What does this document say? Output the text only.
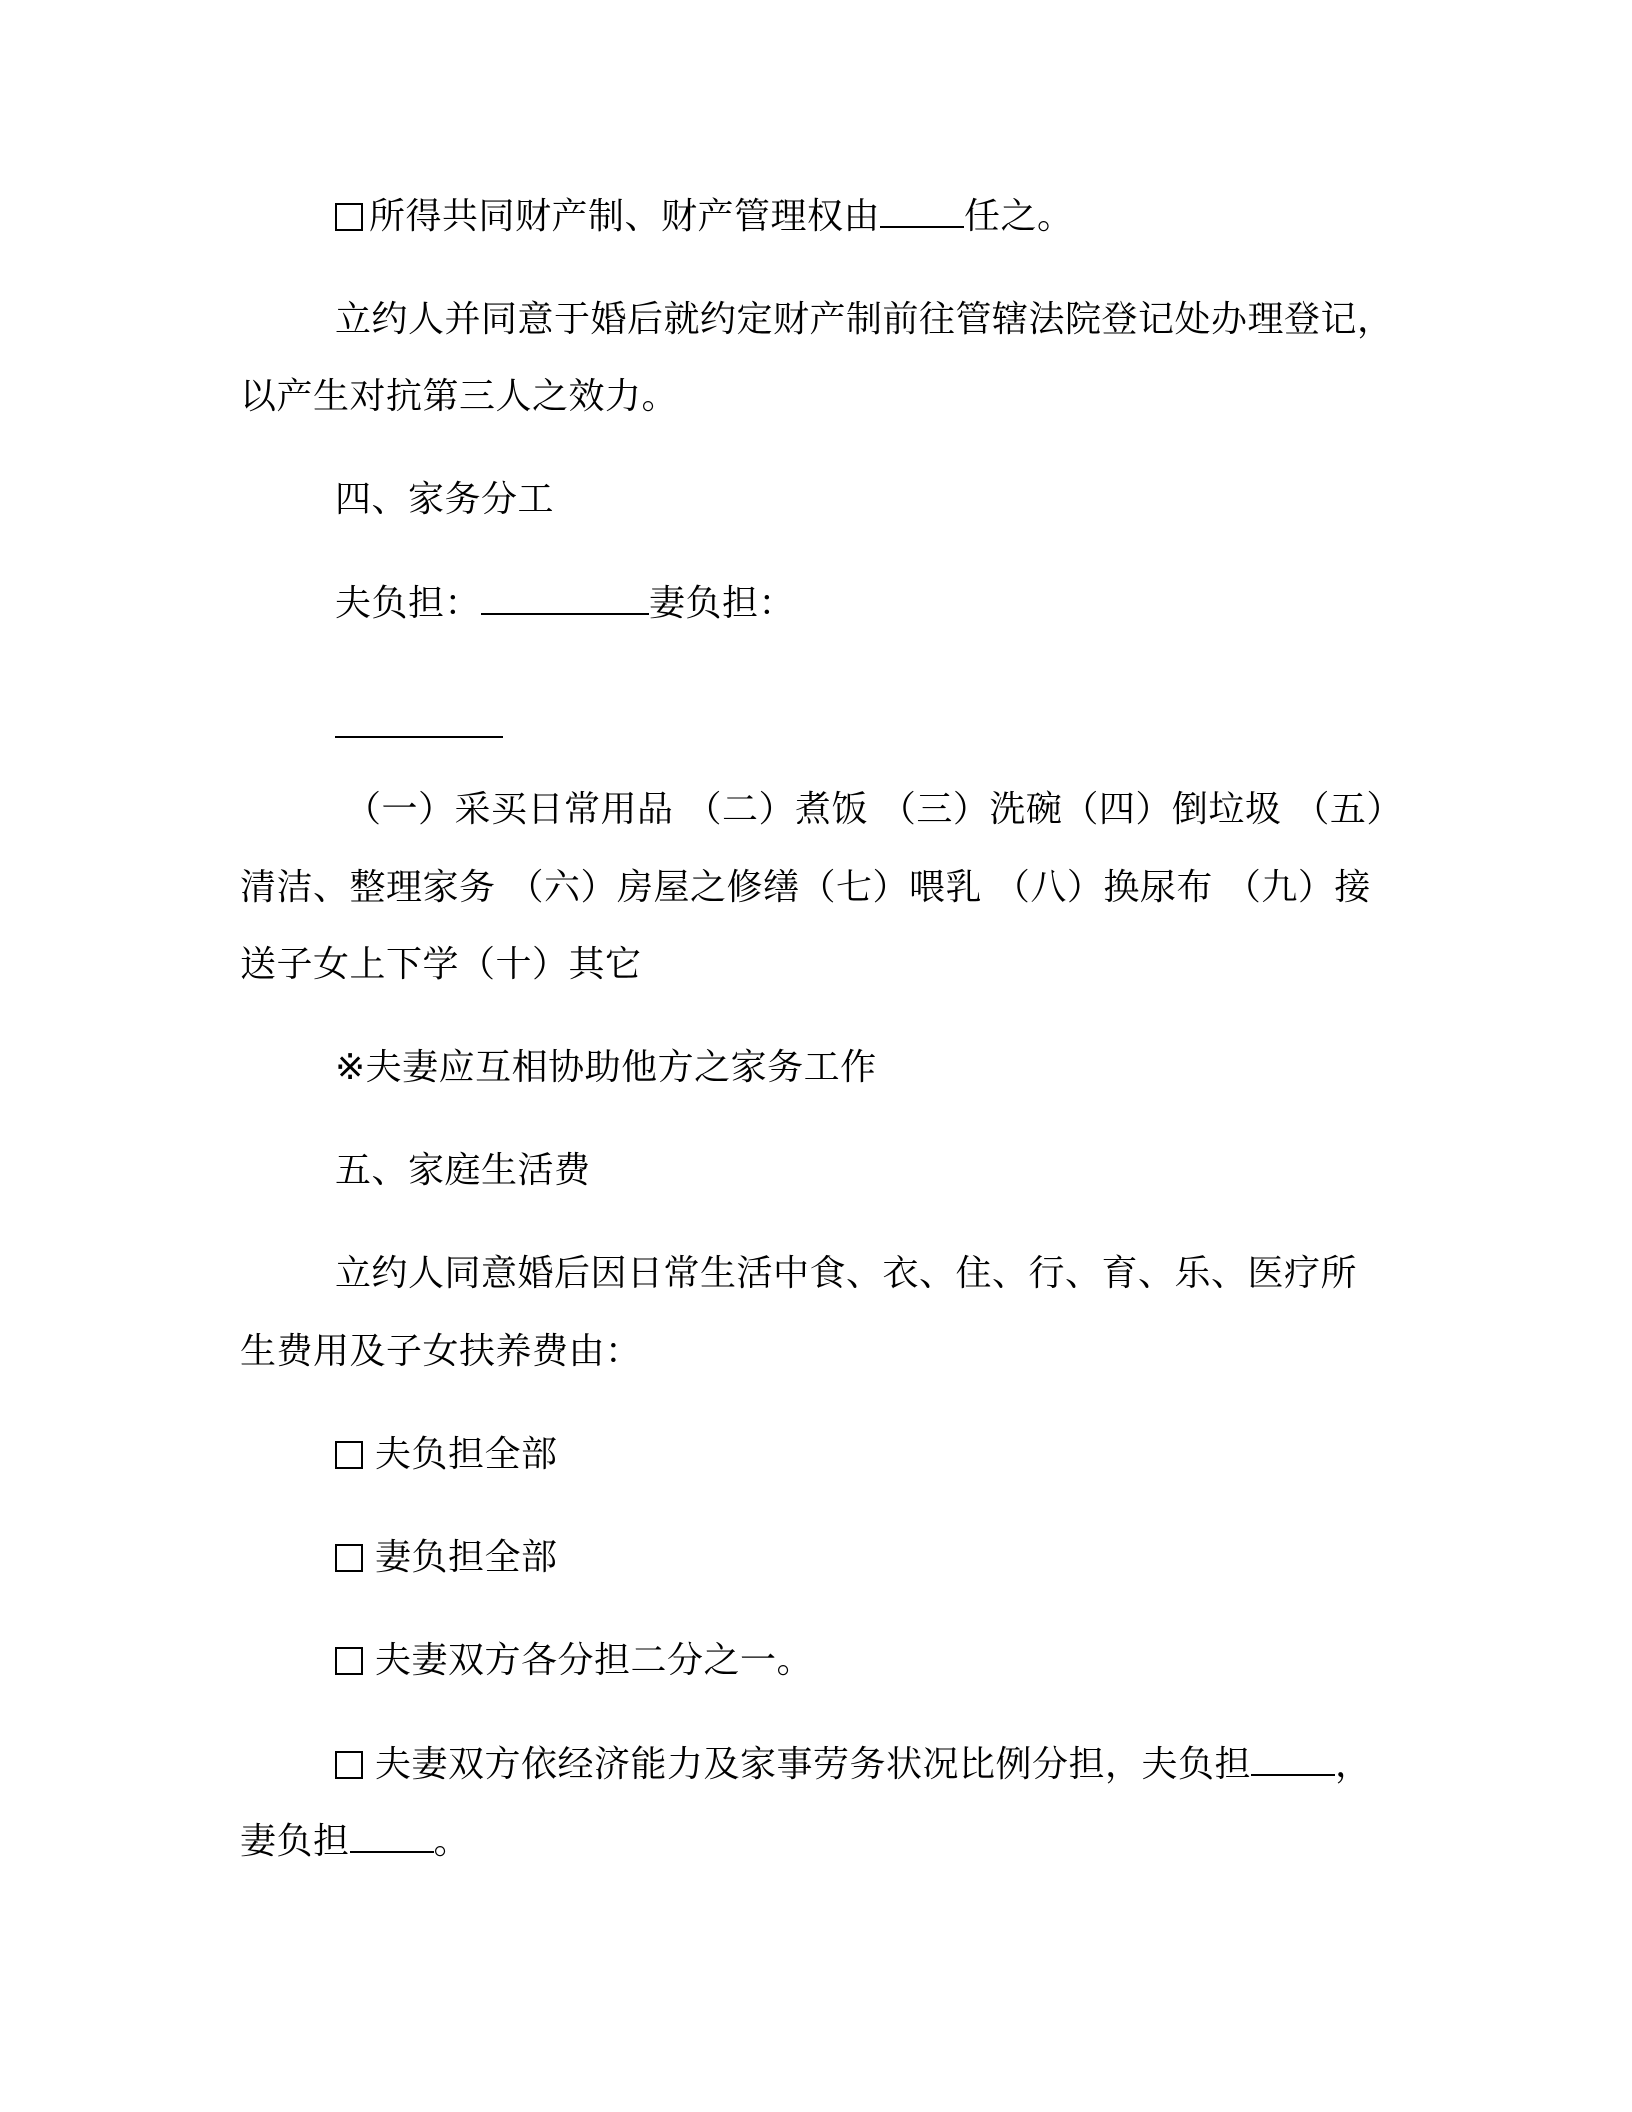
所得共同财产制、财产管理权由 任之。
立约人并同意于婚后就约定财产制前往管辖法院登记处办理登记，
以产生对抗第三人之效力。
四、家务分工
夫负担：	妻负担：
（一）采买日常用品 （二）煮饭 （三）洗碗（四）倒垃圾 （五）
清洁、整理家务 （六）房屋之修缮（七）喂乳 （八）换尿布 （九）接
送子女上下学（十）其它
※夫妻应互相协助他方之家务工作
五、家庭生活费
立约人同意婚后因日常生活中食、衣、住、行、育、乐、医疗所
生费用及子女扶养费由：
夫负担全部
妻负担全部
夫妻双方各分担二分之一。
夫妻双方依经济能力及家事劳务状况比例分担，夫负担 ，
妻负担 。
